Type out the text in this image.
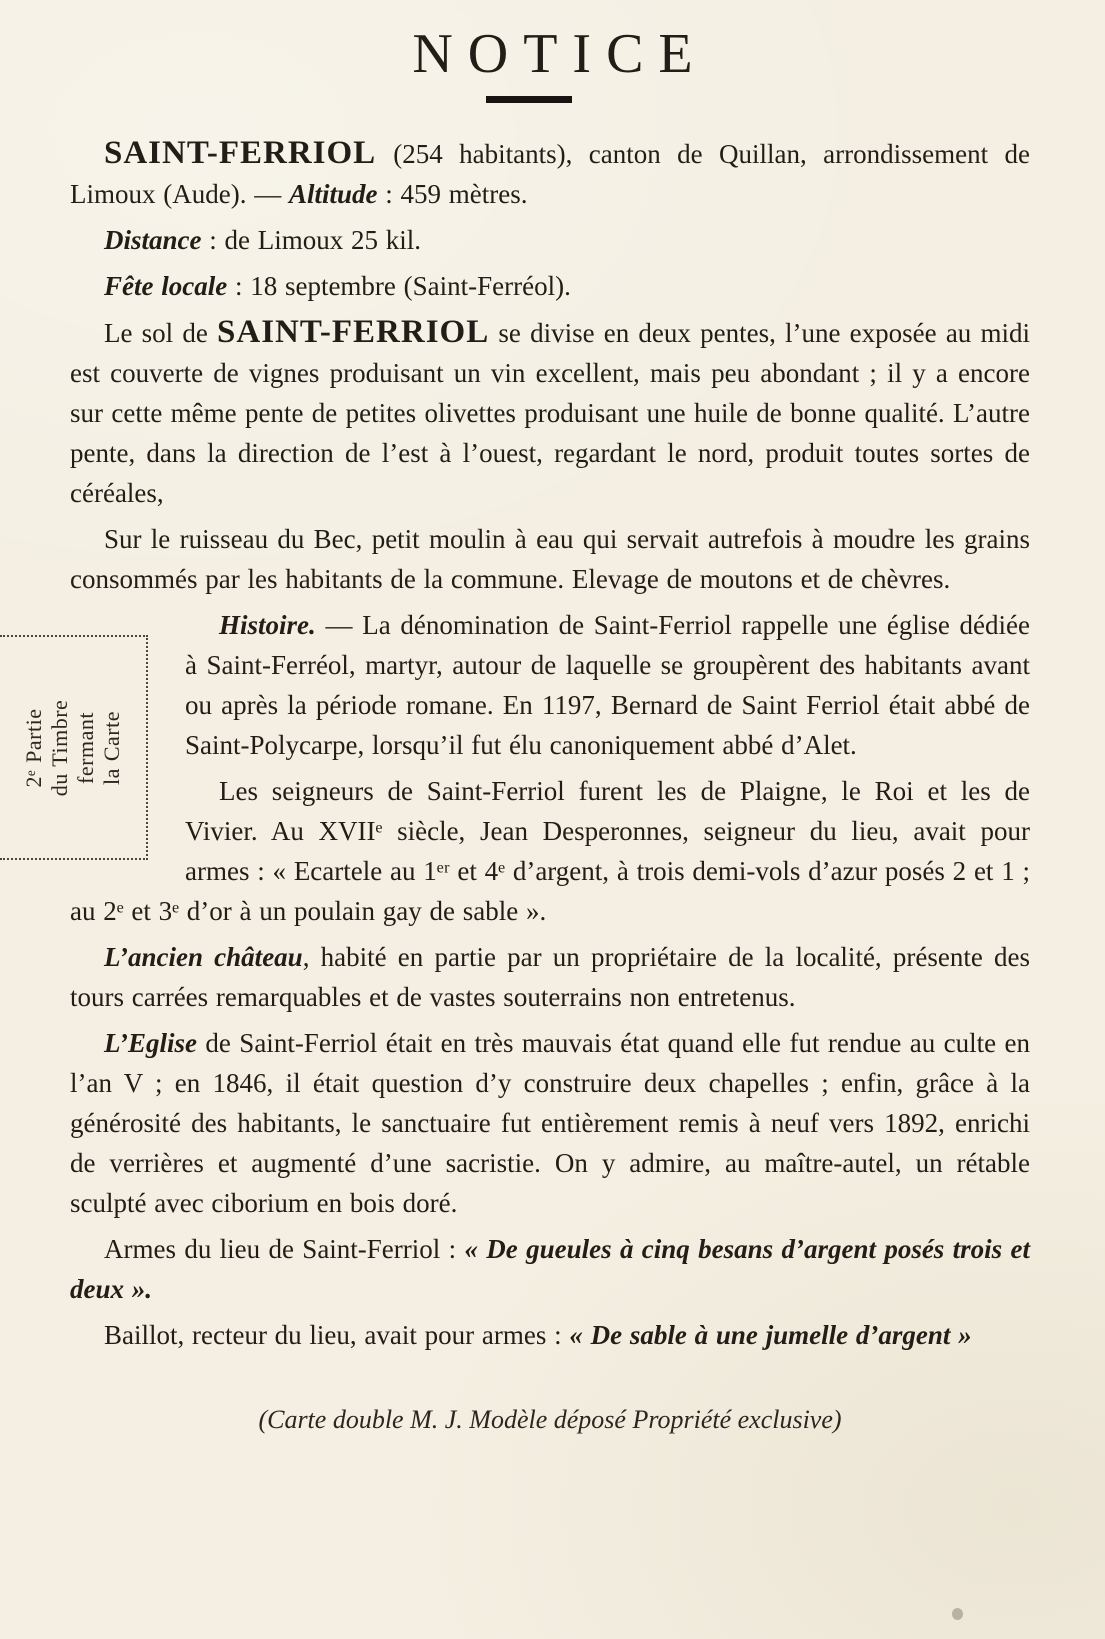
NOTICE

SAINT-FERRIOL (254 habitants), canton de Quillan, arrondissement de Limoux (Aude). — Altitude : 459 mètres.

Distance : de Limoux 25 kil.

Fête locale : 18 septembre (Saint-Ferréol).

Le sol de SAINT-FERRIOL se divise en deux pentes, l’une exposée au midi est couverte de vignes produisant un vin excellent, mais peu abondant ; il y a encore sur cette même pente de petites olivettes produisant une huile de bonne qualité. L’autre pente, dans la direction de l’est à l’ouest, regardant le nord, produit toutes sortes de céréales,

Sur le ruisseau du Bec, petit moulin à eau qui servait autrefois à moudre les grains consommés par les habitants de la commune. Elevage de moutons et de chèvres.

2ᵉ Partie du Timbre fermant la Carte
Histoire. — La dénomination de Saint-Ferriol rappelle une église dédiée à Saint-Ferréol, martyr, autour de laquelle se groupèrent des habitants avant ou après la période romane. En 1197, Bernard de Saint Ferriol était abbé de Saint-Polycarpe, lorsqu’il fut élu canoniquement abbé d’Alet.

Les seigneurs de Saint-Ferriol furent les de Plaigne, le Roi et les de Vivier. Au XVIIᵉ siècle, Jean Desperonnes, seigneur du lieu, avait pour armes : « Ecartele au 1ᵉʳ et 4ᵉ d’argent, à trois demi-vols d’azur posés 2 et 1 ; au 2ᵉ et 3ᵉ d’or à un poulain gay de sable ».

L’ancien château, habité en partie par un propriétaire de la localité, présente des tours carrées remarquables et de vastes souterrains non entretenus.

L’Eglise de Saint-Ferriol était en très mauvais état quand elle fut rendue au culte en l’an V ; en 1846, il était question d’y construire deux chapelles ; enfin, grâce à la générosité des habitants, le sanctuaire fut entièrement remis à neuf vers 1892, enrichi de verrières et augmenté d’une sacristie. On y admire, au maître-autel, un rétable sculpté avec ciborium en bois doré.

Armes du lieu de Saint-Ferriol : « De gueules à cinq besans d’argent posés trois et deux ».

Baillot, recteur du lieu, avait pour armes : « De sable à une jumelle d’argent »

(Carte double M. J. Modèle déposé Propriété exclusive)
